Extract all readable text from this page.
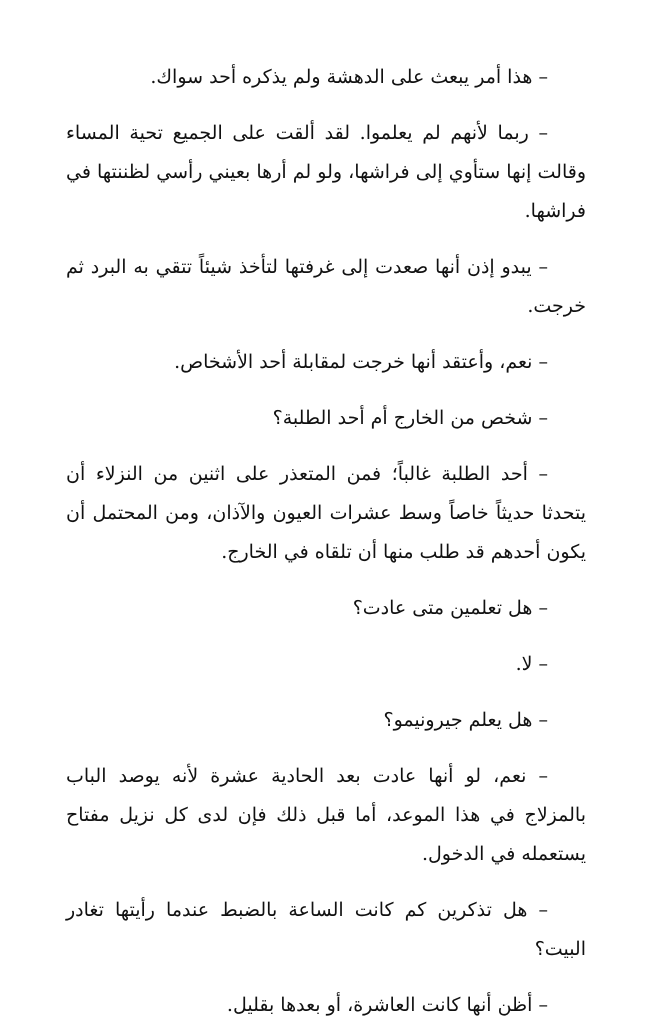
– هذا أمر يبعث على الدهشة ولم يذكره أحد سواك.

– ربما لأنهم لم يعلموا. لقد ألقت على الجميع تحية المساء وقالت إنها ستأوي إلى فراشها، ولو لم أرها بعيني رأسي لظننتها في فراشها.

– يبدو إذن أنها صعدت إلى غرفتها لتأخذ شيئاً تتقي به البرد ثم خرجت.

– نعم، وأعتقد أنها خرجت لمقابلة أحد الأشخاص.

– شخص من الخارج أم أحد الطلبة؟

– أحد الطلبة غالباً؛ فمن المتعذر على اثنين من النزلاء أن يتحدثا حديثاً خاصاً وسط عشرات العيون والآذان، ومن المحتمل أن يكون أحدهم قد طلب منها أن تلقاه في الخارج.

– هل تعلمين متى عادت؟

– لا.

– هل يعلم جيرونيمو؟

– نعم، لو أنها عادت بعد الحادية عشرة لأنه يوصد الباب بالمزلاج في هذا الموعد، أما قبل ذلك فإن لدى كل نزيل مفتاح يستعمله في الدخول.

– هل تذكرين كم كانت الساعة بالضبط عندما رأيتها تغادر البيت؟

– أظن أنها كانت العاشرة، أو بعدها بقليل.
